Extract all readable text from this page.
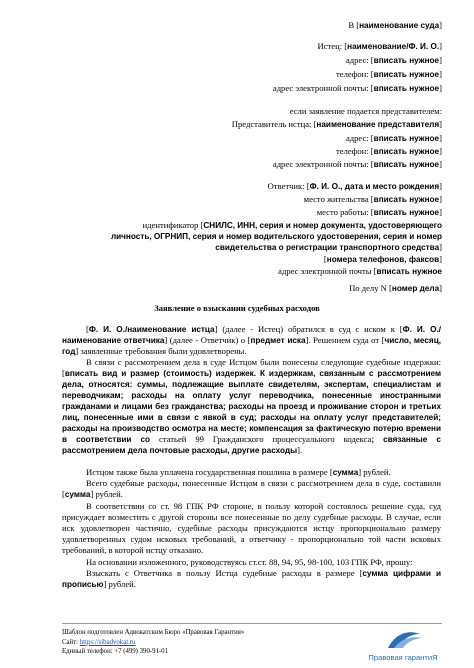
В [наименование суда]
Истец: [наименование/Ф. И. О.]
адрес: [вписать нужное]
телефон: [вписать нужное]
адрес электронной почты: [вписать нужное]
если заявление подается представителем:
Представитель истца: [наименование представителя]
адрес: [вписать нужное]
телефон: [вписать нужное]
адрес электронной почты: [вписать нужное]
Ответчик: [Ф. И. О., дата и место рождения]
место жительства [вписать нужное]
место работы: [вписать нужное]
идентификатор [СНИЛС, ИНН, серия и номер документа, удостоверяющего
личность, ОГРНИП, серия и номер водительского удостоверения, серия и номер
свидетельства о регистрации транспортного средства]
[номера телефонов, факсов]
адрес электронной почты [вписать нужное
По делу N [номер дела]
Заявление о взыскании судебных расходов
[Ф. И. О./наименование истца] (далее - Истец) обратился в суд с иском к [Ф. И. О./наименование ответчика] (далее - Ответчик) о [предмет иска]. Решением суда от [число, месяц, год] заявленные требования были удовлетворены.
В связи с рассмотрением дела в суде Истцом были понесены следующие судебные издержки: [вписать вид и размер (стоимость) издержек. К издержкам, связанным с рассмотрением дела, относятся: суммы, подлежащие выплате свидетелям, экспертам, специалистам и переводчикам; расходы на оплату услуг переводчика, понесенные иностранными гражданами и лицами без гражданства; расходы на проезд и проживание сторон и третьих лиц, понесенные ими в связи с явкой в суд; расходы на оплату услуг представителей; расходы на производство осмотра на месте; компенсация за фактическую потерю времени в соответствии со статьей 99 Гражданского процессуального кодекса; связанные с рассмотрением дела почтовые расходы, другие расходы].
Истцом также была уплачена государственная пошлина в размере [сумма] рублей.
Всего судебные расходы, понесенные Истцом в связи с рассмотрением дела в суде, составили [сумма] рублей.
В соответствии со ст. 98 ГПК РФ стороне, в пользу которой состоялось решение суда, суд присуждает возместить с другой стороны все понесенные по делу судебные расходы. В случае, если иск удовлетворен частично, судебные расходы присуждаются истцу пропорционально размеру удовлетворенных судом исковых требований, а ответчику - пропорционально той части исковых требований, в которой истцу отказано.
На основании изложенного, руководствуясь ст.ст. 88, 94, 95, 98-100, 103 ГПК РФ, прошу:
Взыскать с Ответчика в пользу Истца судебные расходы в размере [сумма цифрами и прописью] рублей.
Шаблон подготовлен Адвокатским Бюро «Правовая Гарантия»
Сайт: https://sibadvokat.ru
Единый телефон: +7 (499) 390-91-01
Правовая гарантиЯ
